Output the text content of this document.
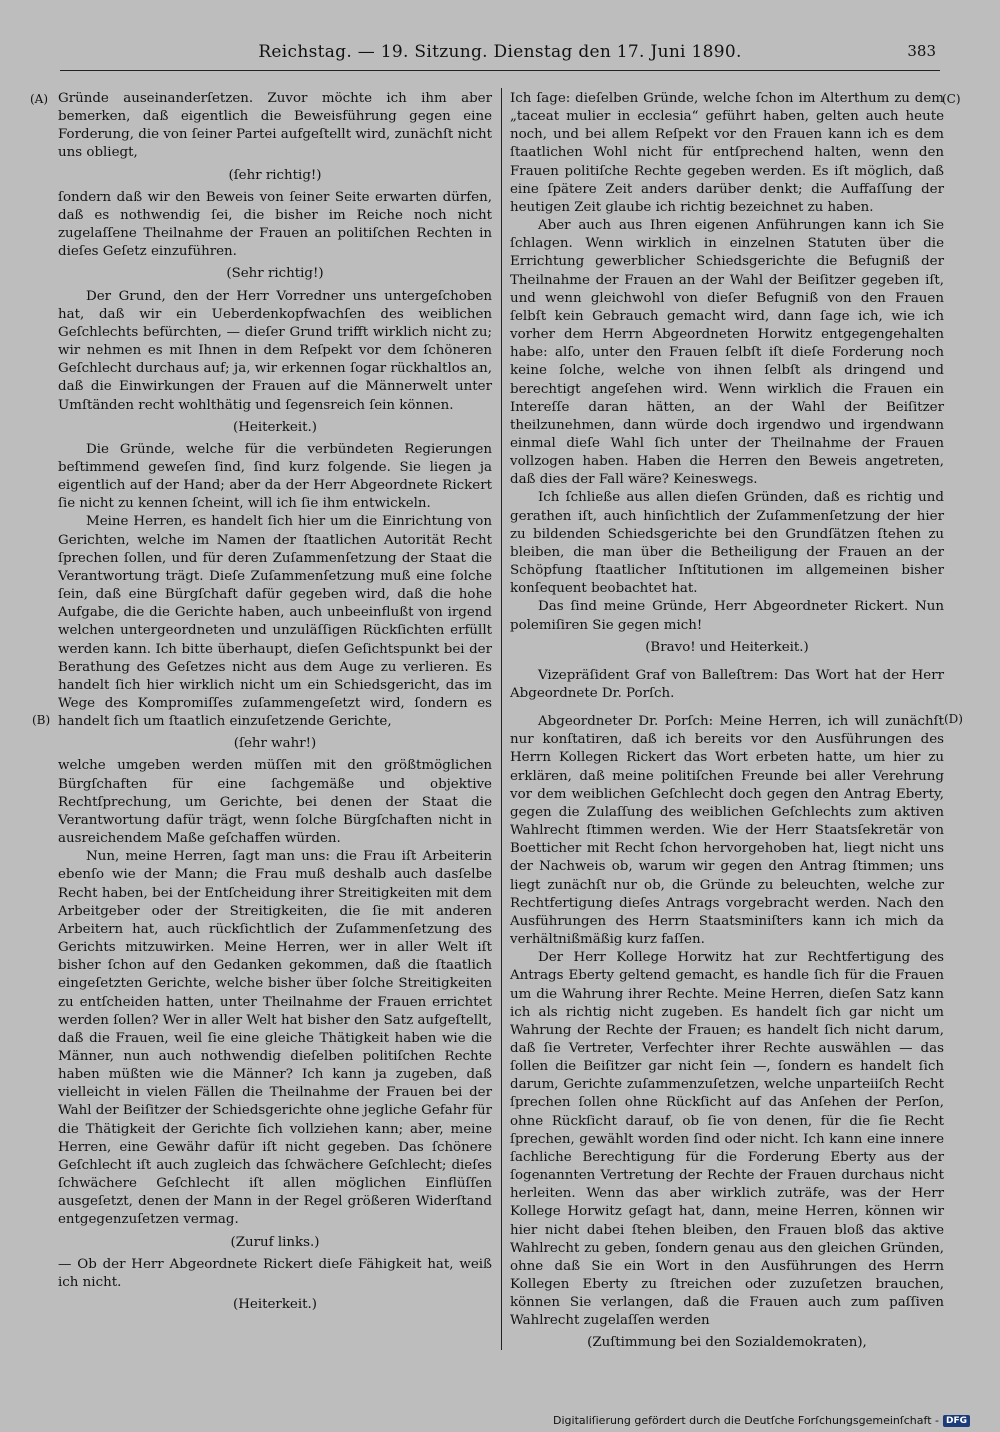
Reichstag. — 19. Sitzung. Dienstag den 17. Juni 1890.	383
(A)
(B)
(C)
(D)

Gründe auseinanderſetzen. Zuvor möchte ich ihm aber bemerken, daß eigentlich die Beweisführung gegen eine Forderung, die von ſeiner Partei aufgeſtellt wird, zunächſt nicht uns obliegt,

(ſehr richtig!)

ſondern daß wir den Beweis von ſeiner Seite erwarten dürfen, daß es nothwendig ſei, die bisher im Reiche noch nicht zugelaſſene Theilnahme der Frauen an politiſchen Rechten in dieſes Geſetz einzuführen.

(Sehr richtig!)

Der Grund, den der Herr Vorredner uns untergeſchoben hat, daß wir ein Ueberdenkopfwachſen des weiblichen Geſchlechts befürchten, — dieſer Grund trifft wirklich nicht zu; wir nehmen es mit Ihnen in dem Reſpekt vor dem ſchöneren Geſchlecht durchaus auf; ja, wir erkennen ſogar rückhaltlos an, daß die Einwirkungen der Frauen auf die Männerwelt unter Umſtänden recht wohlthätig und ſegensreich ſein können.

(Heiterkeit.)

Die Gründe, welche für die verbündeten Regierungen beſtimmend geweſen ſind, ſind kurz folgende. Sie liegen ja eigentlich auf der Hand; aber da der Herr Abgeordnete Rickert ſie nicht zu kennen ſcheint, will ich ſie ihm entwickeln.

Meine Herren, es handelt ſich hier um die Einrichtung von Gerichten, welche im Namen der ſtaatlichen Autorität Recht ſprechen ſollen, und für deren Zuſammenſetzung der Staat die Verantwortung trägt. Dieſe Zuſammenſetzung muß eine ſolche ſein, daß eine Bürgſchaft dafür gegeben wird, daß die hohe Aufgabe, die die Gerichte haben, auch unbeeinflußt von irgend welchen untergeordneten und unzuläſſigen Rückſichten erfüllt werden kann. Ich bitte überhaupt, dieſen Geſichtspunkt bei der Berathung des Geſetzes nicht aus dem Auge zu verlieren. Es handelt ſich hier wirklich nicht um ein Schiedsgericht, das im Wege des Kompromiſſes zuſammengeſetzt wird, ſondern es handelt ſich um ſtaatlich einzuſetzende Gerichte,

(ſehr wahr!)

welche umgeben werden müſſen mit den größtmöglichen Bürgſchaften für eine ſachgemäße und objektive Rechtſprechung, um Gerichte, bei denen der Staat die Verantwortung dafür trägt, wenn ſolche Bürgſchaften nicht in ausreichendem Maße geſchaffen würden.

Nun, meine Herren, ſagt man uns: die Frau iſt Arbeiterin ebenſo wie der Mann; die Frau muß deshalb auch dasſelbe Recht haben, bei der Entſcheidung ihrer Streitigkeiten mit dem Arbeitgeber oder der Streitigkeiten, die ſie mit anderen Arbeitern hat, auch rückſichtlich der Zuſammenſetzung des Gerichts mitzuwirken. Meine Herren, wer in aller Welt iſt bisher ſchon auf den Gedanken gekommen, daß die ſtaatlich eingeſetzten Gerichte, welche bisher über ſolche Streitigkeiten zu entſcheiden hatten, unter Theilnahme der Frauen errichtet werden ſollen? Wer in aller Welt hat bisher den Satz aufgeſtellt, daß die Frauen, weil ſie eine gleiche Thätigkeit haben wie die Männer, nun auch nothwendig dieſelben politiſchen Rechte haben müßten wie die Männer? Ich kann ja zugeben, daß vielleicht in vielen Fällen die Theilnahme der Frauen bei der Wahl der Beiſitzer der Schiedsgerichte ohne jegliche Gefahr für die Thätigkeit der Gerichte ſich vollziehen kann; aber, meine Herren, eine Gewähr dafür iſt nicht gegeben. Das ſchönere Geſchlecht iſt auch zugleich das ſchwächere Geſchlecht; dieſes ſchwächere Geſchlecht iſt allen möglichen Einflüſſen ausgeſetzt, denen der Mann in der Regel größeren Widerſtand entgegenzuſetzen vermag.

(Zuruf links.)

— Ob der Herr Abgeordnete Rickert dieſe Fähigkeit hat, weiß ich nicht.

(Heiterkeit.)

Ich ſage: dieſelben Gründe, welche ſchon im Alterthum zu dem „taceat mulier in ecclesia“ geführt haben, gelten auch heute noch, und bei allem Reſpekt vor den Frauen kann ich es dem ſtaatlichen Wohl nicht für entſprechend halten, wenn den Frauen politiſche Rechte gegeben werden. Es iſt möglich, daß eine ſpätere Zeit anders darüber denkt; die Auffaſſung der heutigen Zeit glaube ich richtig bezeichnet zu haben.

Aber auch aus Ihren eigenen Anführungen kann ich Sie ſchlagen. Wenn wirklich in einzelnen Statuten über die Errichtung gewerblicher Schiedsgerichte die Befugniß der Theilnahme der Frauen an der Wahl der Beiſitzer gegeben iſt, und wenn gleichwohl von dieſer Befugniß von den Frauen ſelbſt kein Gebrauch gemacht wird, dann ſage ich, wie ich vorher dem Herrn Abgeordneten Horwitz entgegengehalten habe: alſo, unter den Frauen ſelbſt iſt dieſe Forderung noch keine ſolche, welche von ihnen ſelbſt als dringend und berechtigt angeſehen wird. Wenn wirklich die Frauen ein Intereſſe daran hätten, an der Wahl der Beiſitzer theilzunehmen, dann würde doch irgendwo und irgendwann einmal dieſe Wahl ſich unter der Theilnahme der Frauen vollzogen haben. Haben die Herren den Beweis angetreten, daß dies der Fall wäre? Keineswegs.

Ich ſchließe aus allen dieſen Gründen, daß es richtig und gerathen iſt, auch hinſichtlich der Zuſammenſetzung der hier zu bildenden Schiedsgerichte bei den Grundſätzen ſtehen zu bleiben, die man über die Betheiligung der Frauen an der Schöpfung ſtaatlicher Inſtitutionen im allgemeinen bisher konſequent beobachtet hat.

Das ſind meine Gründe, Herr Abgeordneter Rickert. Nun polemiſiren Sie gegen mich!

(Bravo! und Heiterkeit.)

Vizepräſident Graf von Balleſtrem: Das Wort hat der Herr Abgeordnete Dr. Porſch.

Abgeordneter Dr. Porſch: Meine Herren, ich will zunächſt nur konſtatiren, daß ich bereits vor den Ausführungen des Herrn Kollegen Rickert das Wort erbeten hatte, um hier zu erklären, daß meine politiſchen Freunde bei aller Verehrung vor dem weiblichen Geſchlecht doch gegen den Antrag Eberty, gegen die Zulaſſung des weiblichen Geſchlechts zum aktiven Wahlrecht ſtimmen werden. Wie der Herr Staatsſekretär von Boetticher mit Recht ſchon hervorgehoben hat, liegt nicht uns der Nachweis ob, warum wir gegen den Antrag ſtimmen; uns liegt zunächſt nur ob, die Gründe zu beleuchten, welche zur Rechtfertigung dieſes Antrags vorgebracht werden. Nach den Ausführungen des Herrn Staatsminiſters kann ich mich da verhältnißmäßig kurz faſſen.

Der Herr Kollege Horwitz hat zur Rechtfertigung des Antrags Eberty geltend gemacht, es handle ſich für die Frauen um die Wahrung ihrer Rechte. Meine Herren, dieſen Satz kann ich als richtig nicht zugeben. Es handelt ſich gar nicht um Wahrung der Rechte der Frauen; es handelt ſich nicht darum, daß ſie Vertreter, Verfechter ihrer Rechte auswählen — das ſollen die Beiſitzer gar nicht ſein —, ſondern es handelt ſich darum, Gerichte zuſammenzuſetzen, welche unparteiiſch Recht ſprechen ſollen ohne Rückſicht auf das Anſehen der Perſon, ohne Rückſicht darauf, ob ſie von denen, für die ſie Recht ſprechen, gewählt worden ſind oder nicht. Ich kann eine innere ſachliche Berechtigung für die Forderung Eberty aus der ſogenannten Vertretung der Rechte der Frauen durchaus nicht herleiten. Wenn das aber wirklich zuträfe, was der Herr Kollege Horwitz geſagt hat, dann, meine Herren, können wir hier nicht dabei ſtehen bleiben, den Frauen bloß das aktive Wahlrecht zu geben, ſondern genau aus den gleichen Gründen, ohne daß Sie ein Wort in den Ausführungen des Herrn Kollegen Eberty zu ſtreichen oder zuzuſetzen brauchen, können Sie verlangen, daß die Frauen auch zum paſſiven Wahlrecht zugelaſſen werden

(Zuſtimmung bei den Sozialdemokraten),

Digitaliſierung gefördert durch die Deutſche Forſchungsgemeinſchaft - DFG
